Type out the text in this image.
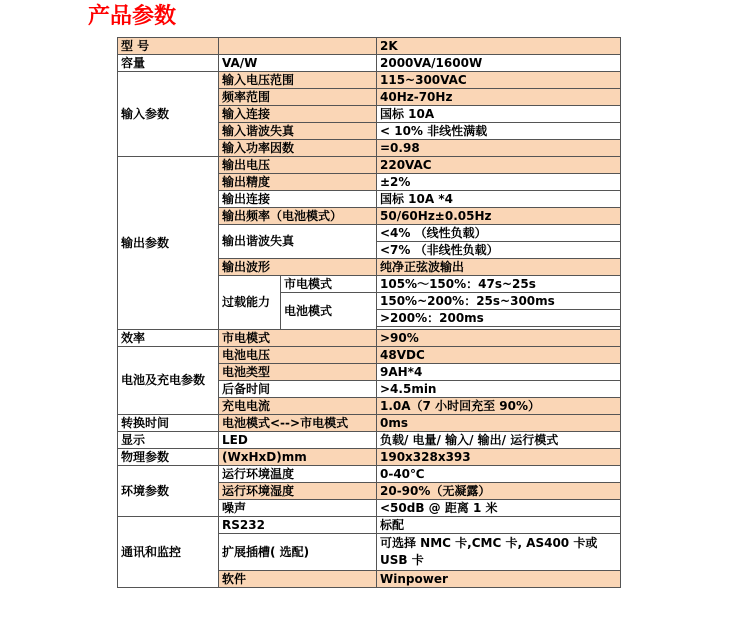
产品参数
型 号			2K
容量	VA/W		2000VA/1600W
输入参数	输入电压范围		115~300VAC
	频率范围		40Hz-70Hz
	输入连接		国标 10A
	输入谐波失真		< 10% 非线性满载
	输入功率因数		=0.98
输出参数	输出电压		220VAC
	输出精度		±2%
	输出连接		国标 10A *4
	输出频率（电池模式）		50/60Hz±0.05Hz
	输出谐波失真		<4% （线性负载）
			<7% （非线性负载）
	输出波形		纯净正弦波输出
	过载能力	市电模式	105%～150%：47s~25s
		电池模式	150%~200%：25s~300ms
			>200%：200ms

效率	市电模式		>90%
电池及充电参数	电池电压		48VDC
	电池类型		9AH*4
	后备时间		>4.5min
	充电电流		1.0A（7 小时回充至 90%）
转换时间	电池模式<-->市电模式		0ms
显示	LED		负载/ 电量/ 输入/ 输出/ 运行模式
物理参数	(WxHxD)mm		190x328x393
环境参数	运行环境温度		0-40℃
	运行环境湿度		20-90%（无凝露）
	噪声		<50dB @ 距离 1 米
通讯和监控	RS232		标配
	扩展插槽( 选配)		可选择 NMC 卡,CMC 卡, AS400 卡或 USB 卡
	软件		Winpower
